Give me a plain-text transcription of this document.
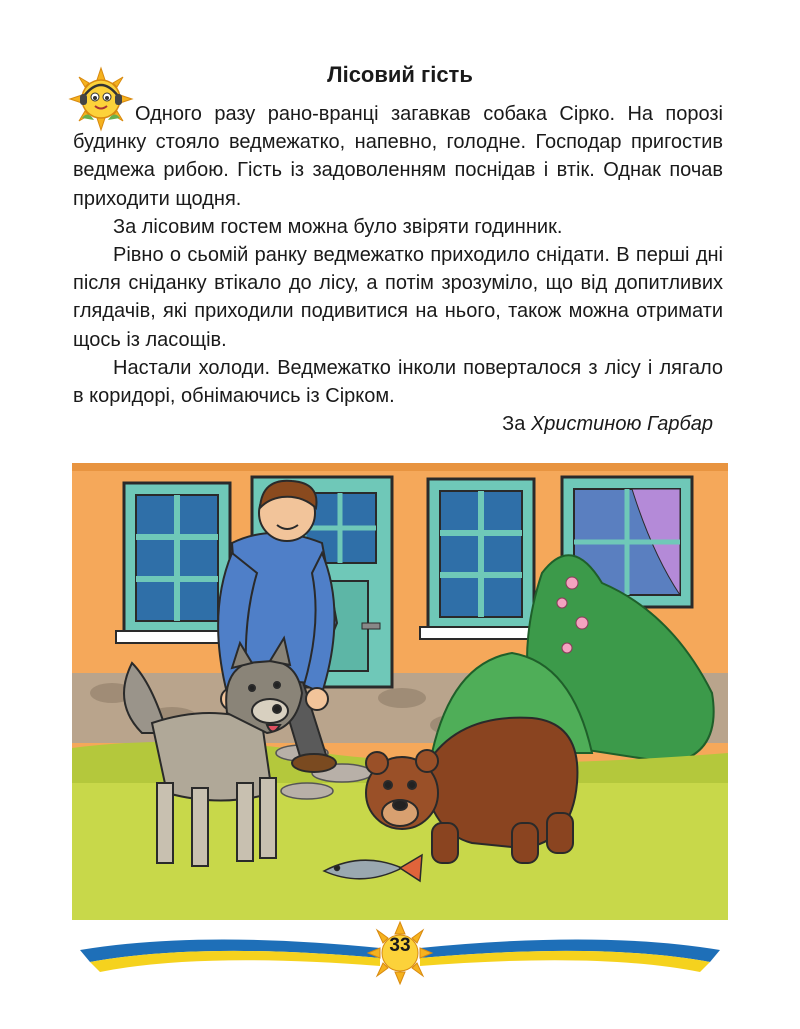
Лісовий гість

Одного разу рано-вранці загавкав собака Сірко. На порозі будинку стояло ведмежатко, напевно, голодне. Господар пригостив ведмежа рибою. Гість із задоволенням поснідав і втік. Однак почав приходити щодня.

За лісовим гостем можна було звіряти годинник.

Рівно о сьомій ранку ведмежатко приходило снідати. В перші дні після сніданку втікало до лісу, а потім зрозуміло, що від допитливих глядачів, які приходили подивитися на нього, також можна отримати щось із ласощів.

Настали холоди. Ведмежатко інколи поверталося з лісу і лягало в коридорі, обнімаючись із Сірком.

За Христиною Гарбар

33
